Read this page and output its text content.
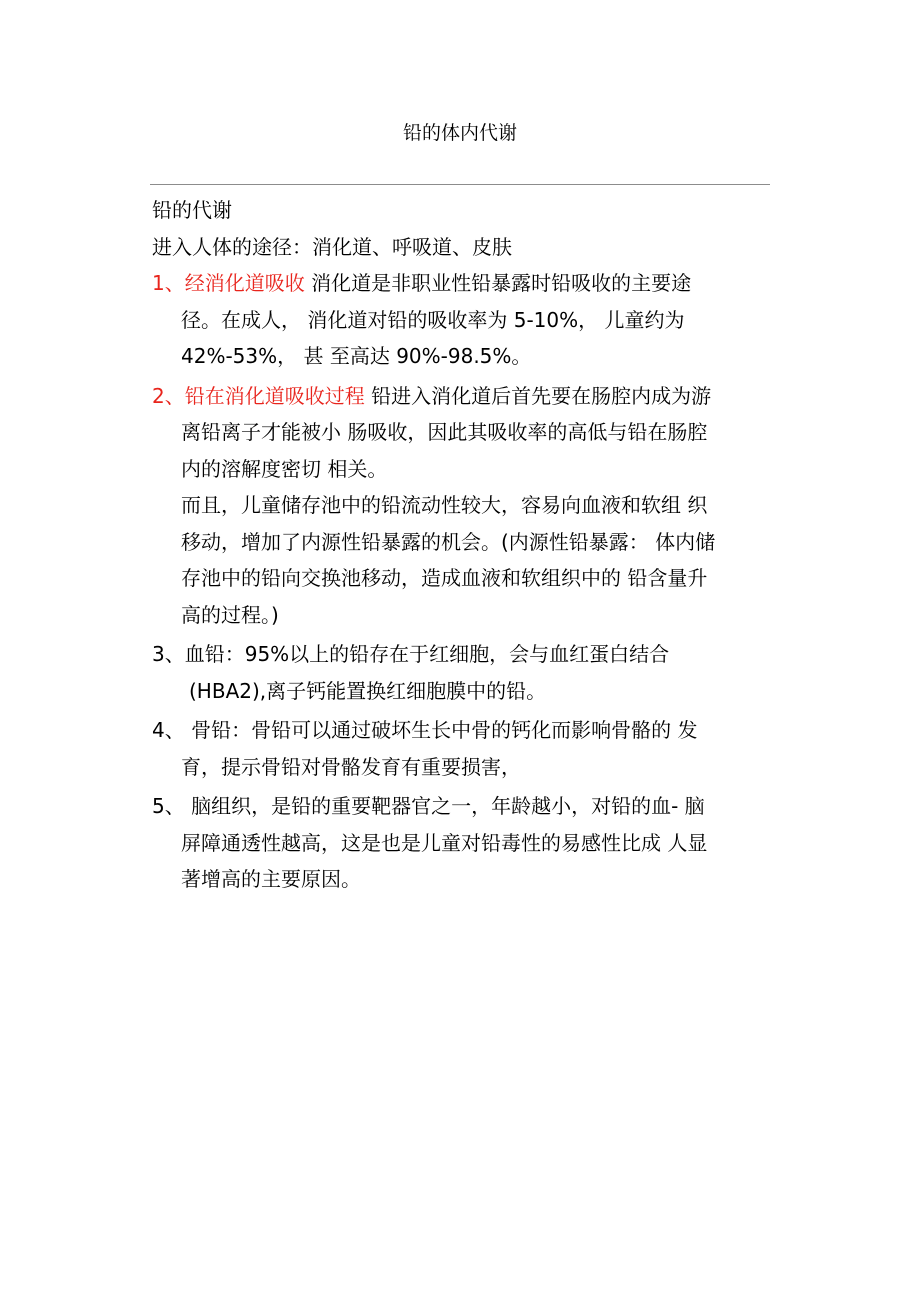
铅的体内代谢
铅的代谢
进入人体的途径：消化道、呼吸道、皮肤
1、经消化道吸收 消化道是非职业性铅暴露时铅吸收的主要途
径。在成人， 消化道对铅的吸收率为 5-10%， 儿童约为
42%-53%， 甚 至高达 90%-98.5%。
2、铅在消化道吸收过程 铅进入消化道后首先要在肠腔内成为游
离铅离子才能被小 肠吸收，因此其吸收率的高低与铅在肠腔
内的溶解度密切 相关。
而且，儿童储存池中的铅流动性较大，容易向血液和软组 织
移动，增加了内源性铅暴露的机会。(内源性铅暴露： 体内储
存池中的铅向交换池移动，造成血液和软组织中的 铅含量升
高的过程。)
3、血铅：95%以上的铅存在于红细胞，会与血红蛋白结合
(HBA2),离子钙能置换红细胞膜中的铅。
4、 骨铅：骨铅可以通过破坏生长中骨的钙化而影响骨骼的 发
育，提示骨铅对骨骼发育有重要损害，
5、 脑组织，是铅的重要靶器官之一，年龄越小，对铅的血- 脑
屏障通透性越高，这是也是儿童对铅毒性的易感性比成 人显
著增高的主要原因。
